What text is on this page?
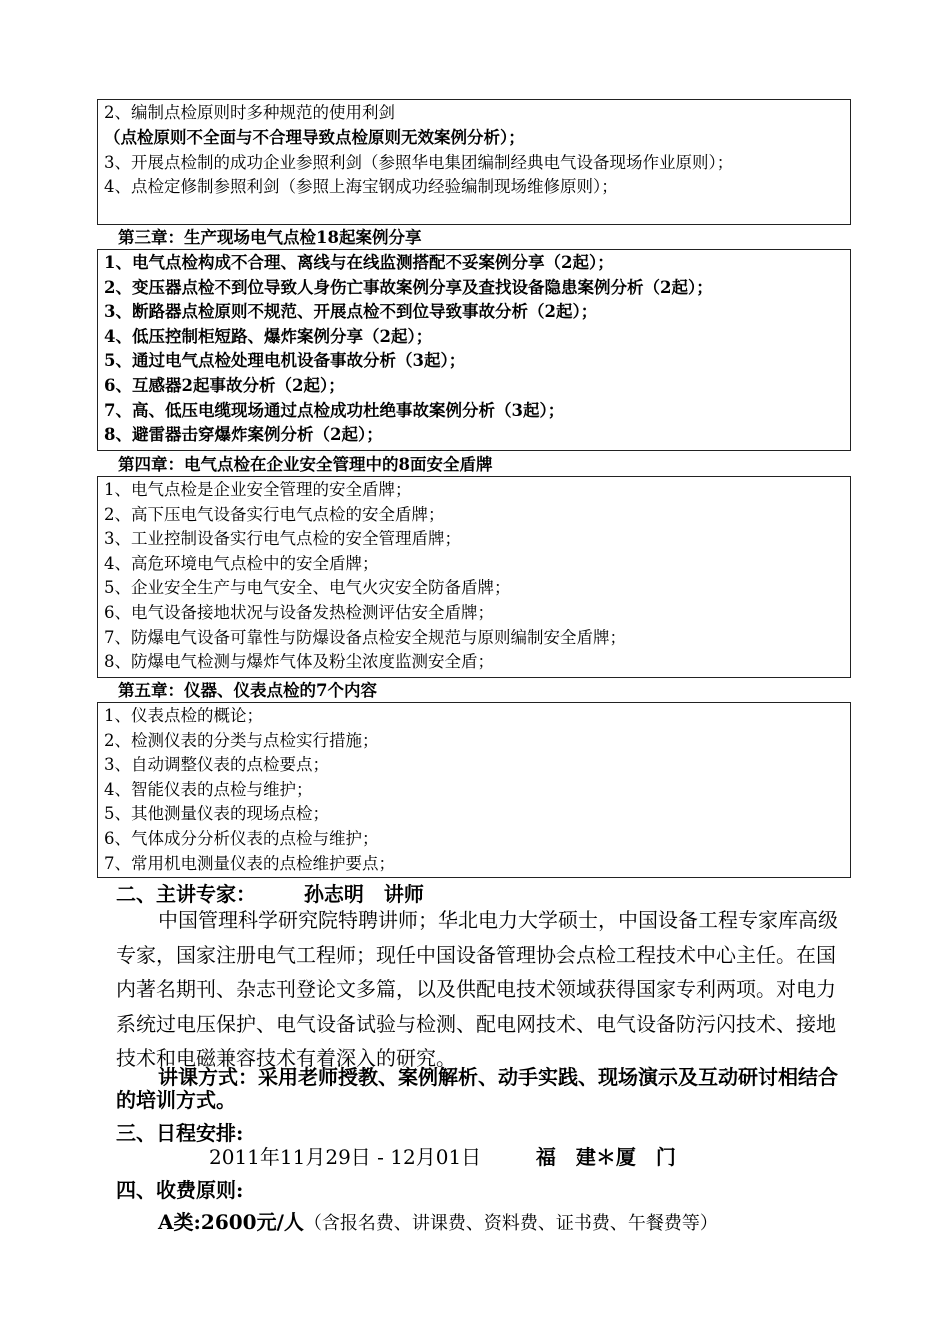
2、编制点检原则时多种规范的使用利剑
（点检原则不全面与不合理导致点检原则无效案例分析）；
3、开展点检制的成功企业参照利剑（参照华电集团编制经典电气设备现场作业原则）；
4、点检定修制参照利剑（参照上海宝钢成功经验编制现场维修原则）；
第三章：生产现场电气点检18起案例分享
1、电气点检构成不合理、离线与在线监测搭配不妥案例分享（2起）；
2、变压器点检不到位导致人身伤亡事故案例分享及查找设备隐患案例分析（2起）；
3、断路器点检原则不规范、开展点检不到位导致事故分析（2起）；
4、低压控制柜短路、爆炸案例分享（2起）；
5、通过电气点检处理电机设备事故分析（3起）；
6、互感器2起事故分析（2起）；
7、高、低压电缆现场通过点检成功杜绝事故案例分析（3起）；
8、避雷器击穿爆炸案例分析（2起）；
第四章：电气点检在企业安全管理中的8面安全盾牌
1、电气点检是企业安全管理的安全盾牌；
2、高下压电气设备实行电气点检的安全盾牌；
3、工业控制设备实行电气点检的安全管理盾牌；
4、高危环境电气点检中的安全盾牌；
5、企业安全生产与电气安全、电气火灾安全防备盾牌；
6、电气设备接地状况与设备发热检测评估安全盾牌；
7、防爆电气设备可靠性与防爆设备点检安全规范与原则编制安全盾牌；
8、防爆电气检测与爆炸气体及粉尘浓度监测安全盾；
第五章：仪器、仪表点检的7个内容
1、仪表点检的概论；
2、检测仪表的分类与点检实行措施；
3、自动调整仪表的点检要点；
4、智能仪表的点检与维护；
5、其他测量仪表的现场点检；
6、气体成分分析仪表的点检与维护；
7、常用机电测量仪表的点检维护要点；
二、主讲专家： 孙志明　讲师
中国管理科学研究院特聘讲师；华北电力大学硕士，中国设备工程专家库高级专家，国家注册电气工程师；现任中国设备管理协会点检工程技术中心主任。在国内著名期刊、杂志刊登论文多篇，以及供配电技术领域获得国家专利两项。对电力系统过电压保护、电气设备试验与检测、配电网技术、电气设备防污闪技术、接地技术和电磁兼容技术有着深入的研究。
讲课方式：采用老师授教、案例解析、动手实践、现场演示及互动研讨相结合的培训方式。
三、日程安排:
2011年11月29日 - 12月01日	福　建＊厦　门
四、收费原则:
A类:2600元/人（含报名费、讲课费、资料费、证书费、午餐费等）
